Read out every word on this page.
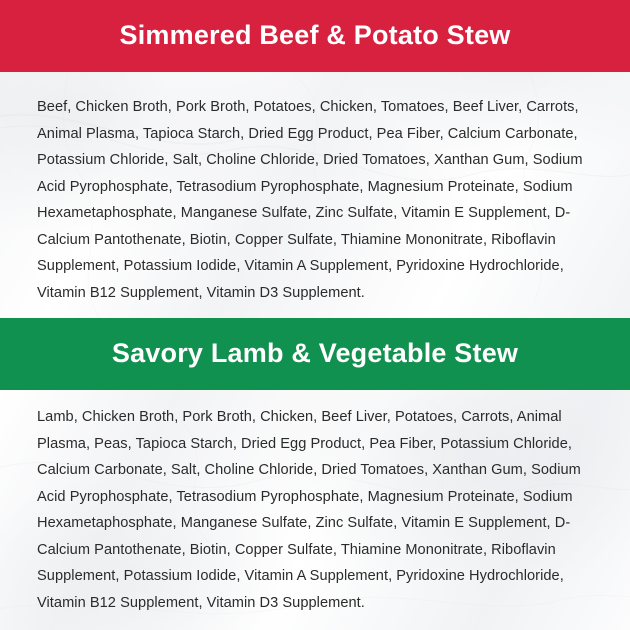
Simmered Beef & Potato Stew
Beef, Chicken Broth, Pork Broth, Potatoes, Chicken, Tomatoes, Beef Liver, Carrots, Animal Plasma, Tapioca Starch, Dried Egg Product, Pea Fiber, Calcium Carbonate, Potassium Chloride, Salt, Choline Chloride, Dried Tomatoes, Xanthan Gum, Sodium Acid Pyrophosphate, Tetrasodium Pyrophosphate, Magnesium Proteinate, Sodium Hexametaphosphate, Manganese Sulfate, Zinc Sulfate, Vitamin E Supplement, D-Calcium Pantothenate, Biotin, Copper Sulfate, Thiamine Mononitrate, Riboflavin Supplement, Potassium Iodide, Vitamin A Supplement, Pyridoxine Hydrochloride, Vitamin B12 Supplement, Vitamin D3 Supplement.
Savory Lamb & Vegetable Stew
Lamb, Chicken Broth, Pork Broth, Chicken, Beef Liver, Potatoes, Carrots, Animal Plasma, Peas, Tapioca Starch, Dried Egg Product, Pea Fiber, Potassium Chloride, Calcium Carbonate, Salt, Choline Chloride, Dried Tomatoes, Xanthan Gum, Sodium Acid Pyrophosphate, Tetrasodium Pyrophosphate, Magnesium Proteinate, Sodium Hexametaphosphate, Manganese Sulfate, Zinc Sulfate, Vitamin E Supplement, D-Calcium Pantothenate, Biotin, Copper Sulfate, Thiamine Mononitrate, Riboflavin Supplement, Potassium Iodide, Vitamin A Supplement, Pyridoxine Hydrochloride, Vitamin B12 Supplement, Vitamin D3 Supplement.
